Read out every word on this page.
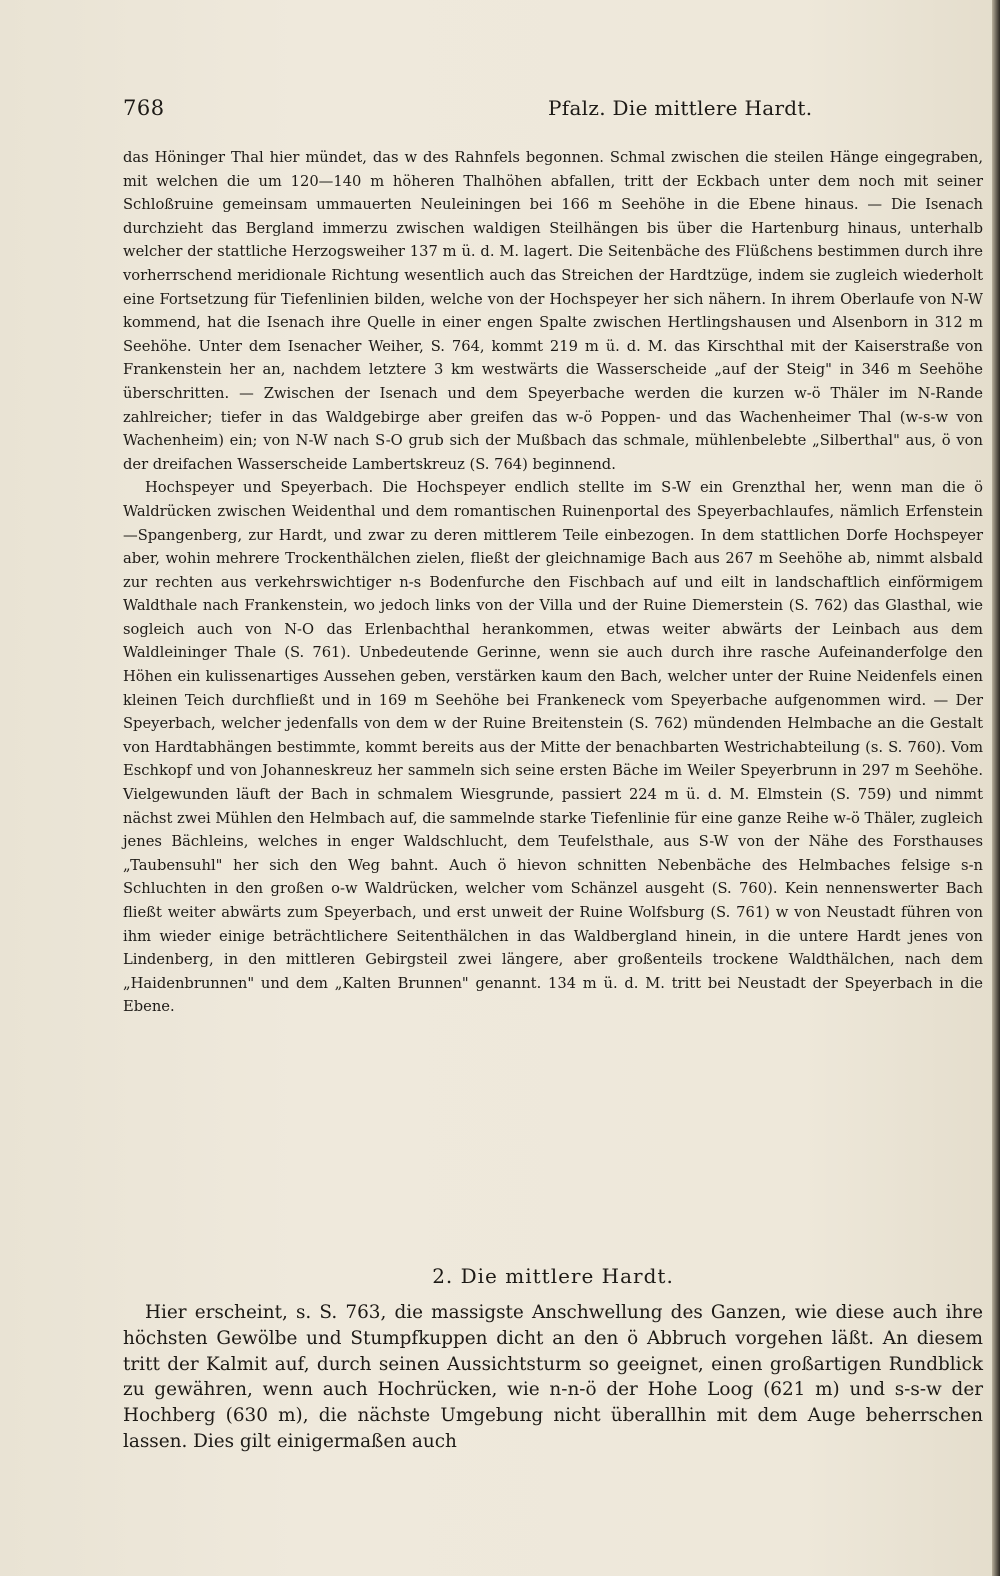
768	Pfalz. Die mittlere Hardt.

das Höninger Thal hier mündet, das w des Rahnfels begonnen. Schmal zwischen die steilen Hänge eingegraben, mit welchen die um 120—140 m höheren Thalhöhen abfallen, tritt der Eckbach unter dem noch mit seiner Schloßruine gemeinsam ummauerten Neuleiningen bei 166 m Seehöhe in die Ebene hinaus. — Die Isenach durchzieht das Bergland immerzu zwischen waldigen Steilhängen bis über die Hartenburg hinaus, unterhalb welcher der stattliche Herzogsweiher 137 m ü. d. M. lagert. Die Seitenbäche des Flüßchens bestimmen durch ihre vorherrschend meridionale Richtung wesentlich auch das Streichen der Hardtzüge, indem sie zugleich wiederholt eine Fortsetzung für Tiefenlinien bilden, welche von der Hochspeyer her sich nähern. In ihrem Oberlaufe von N-W kommend, hat die Isenach ihre Quelle in einer engen Spalte zwischen Hertlingshausen und Alsenborn in 312 m Seehöhe. Unter dem Isenacher Weiher, S. 764, kommt 219 m ü. d. M. das Kirschthal mit der Kaiserstraße von Frankenstein her an, nachdem letztere 3 km westwärts die Wasserscheide „auf der Steig" in 346 m Seehöhe überschritten. — Zwischen der Isenach und dem Speyerbache werden die kurzen w-ö Thäler im N-Rande zahlreicher; tiefer in das Waldgebirge aber greifen das w-ö Poppen- und das Wachenheimer Thal (w-s-w von Wachenheim) ein; von N-W nach S-O grub sich der Mußbach das schmale, mühlenbelebte „Silberthal" aus, ö von der dreifachen Wasserscheide Lambertskreuz (S. 764) beginnend.

Hochspeyer und Speyerbach. Die Hochspeyer endlich stellte im S-W ein Grenzthal her, wenn man die ö Waldrücken zwischen Weidenthal und dem romantischen Ruinenportal des Speyerbachlaufes, nämlich Erfenstein—Spangenberg, zur Hardt, und zwar zu deren mittlerem Teile einbezogen. In dem stattlichen Dorfe Hochspeyer aber, wohin mehrere Trockenthälchen zielen, fließt der gleichnamige Bach aus 267 m Seehöhe ab, nimmt alsbald zur rechten aus verkehrswichtiger n-s Bodenfurche den Fischbach auf und eilt in landschaftlich einförmigem Waldthale nach Frankenstein, wo jedoch links von der Villa und der Ruine Diemerstein (S. 762) das Glasthal, wie sogleich auch von N-O das Erlenbachthal herankommen, etwas weiter abwärts der Leinbach aus dem Waldleininger Thale (S. 761). Unbedeutende Gerinne, wenn sie auch durch ihre rasche Aufeinanderfolge den Höhen ein kulissenartiges Aussehen geben, verstärken kaum den Bach, welcher unter der Ruine Neidenfels einen kleinen Teich durchfließt und in 169 m Seehöhe bei Frankeneck vom Speyerbache aufgenommen wird. — Der Speyerbach, welcher jedenfalls von dem w der Ruine Breitenstein (S. 762) mündenden Helmbache an die Gestalt von Hardtabhängen bestimmte, kommt bereits aus der Mitte der benachbarten Westrichabteilung (s. S. 760). Vom Eschkopf und von Johanneskreuz her sammeln sich seine ersten Bäche im Weiler Speyerbrunn in 297 m Seehöhe. Vielgewunden läuft der Bach in schmalem Wiesgrunde, passiert 224 m ü. d. M. Elmstein (S. 759) und nimmt nächst zwei Mühlen den Helmbach auf, die sammelnde starke Tiefenlinie für eine ganze Reihe w-ö Thäler, zugleich jenes Bächleins, welches in enger Waldschlucht, dem Teufelsthale, aus S-W von der Nähe des Forsthauses „Taubensuhl" her sich den Weg bahnt. Auch ö hievon schnitten Nebenbäche des Helmbaches felsige s-n Schluchten in den großen o-w Waldrücken, welcher vom Schänzel ausgeht (S. 760). Kein nennenswerter Bach fließt weiter abwärts zum Speyerbach, und erst unweit der Ruine Wolfsburg (S. 761) w von Neustadt führen von ihm wieder einige beträchtlichere Seitenthälchen in das Waldbergland hinein, in die untere Hardt jenes von Lindenberg, in den mittleren Gebirgsteil zwei längere, aber großenteils trockene Waldthälchen, nach dem „Haidenbrunnen" und dem „Kalten Brunnen" genannt. 134 m ü. d. M. tritt bei Neustadt der Speyerbach in die Ebene.

2. Die mittlere Hardt.

Hier erscheint, s. S. 763, die massigste Anschwellung des Ganzen, wie diese auch ihre höchsten Gewölbe und Stumpfkuppen dicht an den ö Abbruch vorgehen läßt. An diesem tritt der Kalmit auf, durch seinen Aussichtsturm so geeignet, einen großartigen Rundblick zu gewähren, wenn auch Hochrücken, wie n-n-ö der Hohe Loog (621 m) und s-s-w der Hochberg (630 m), die nächste Umgebung nicht überallhin mit dem Auge beherrschen lassen. Dies gilt einigermaßen auch
